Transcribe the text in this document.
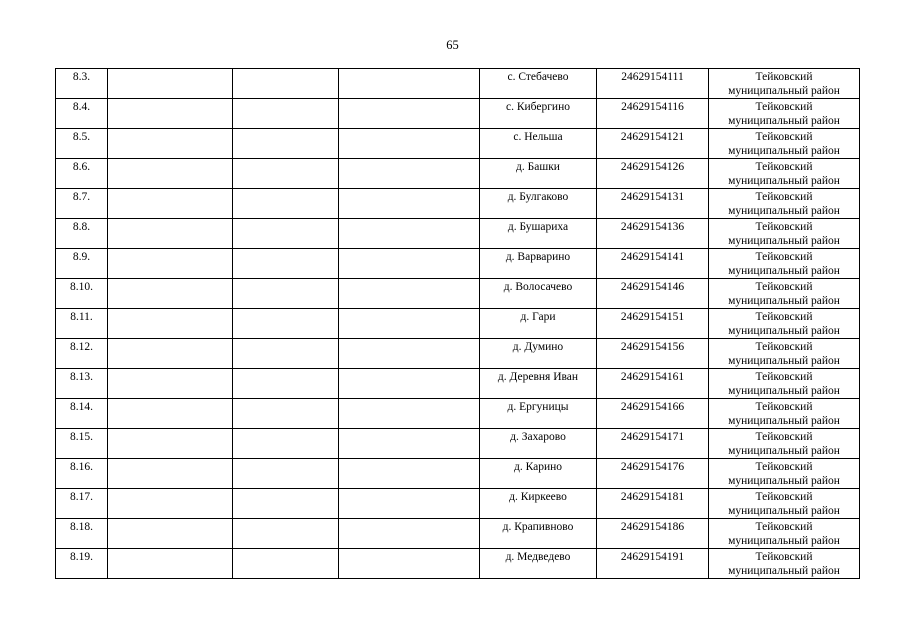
65
8.3.				с. Стебачево	24629154111	Тейковский
муниципальный район

8.4.				с. Кибергино	24629154116	Тейковский
муниципальный район

8.5.				с. Нельша	24629154121	Тейковский
муниципальный район

8.6.				д. Башки	24629154126	Тейковский
муниципальный район

8.7.				д. Булгаково	24629154131	Тейковский
муниципальный район

8.8.				д. Бушариха	24629154136	Тейковский
муниципальный район

8.9.				д. Варварино	24629154141	Тейковский
муниципальный район

8.10.				д. Волосачево	24629154146	Тейковский
муниципальный район

8.11.				д. Гари	24629154151	Тейковский
муниципальный район

8.12.				д. Думино	24629154156	Тейковский
муниципальный район

8.13.				д. Деревня Иван	24629154161	Тейковский
муниципальный район

8.14.				д. Ергуницы	24629154166	Тейковский
муниципальный район

8.15.				д. Захарово	24629154171	Тейковский
муниципальный район

8.16.				д. Карино	24629154176	Тейковский
муниципальный район

8.17.				д. Киркеево	24629154181	Тейковский
муниципальный район

8.18.				д. Крапивново	24629154186	Тейковский
муниципальный район

8.19.				д. Медведево	24629154191	Тейковский
муниципальный район
